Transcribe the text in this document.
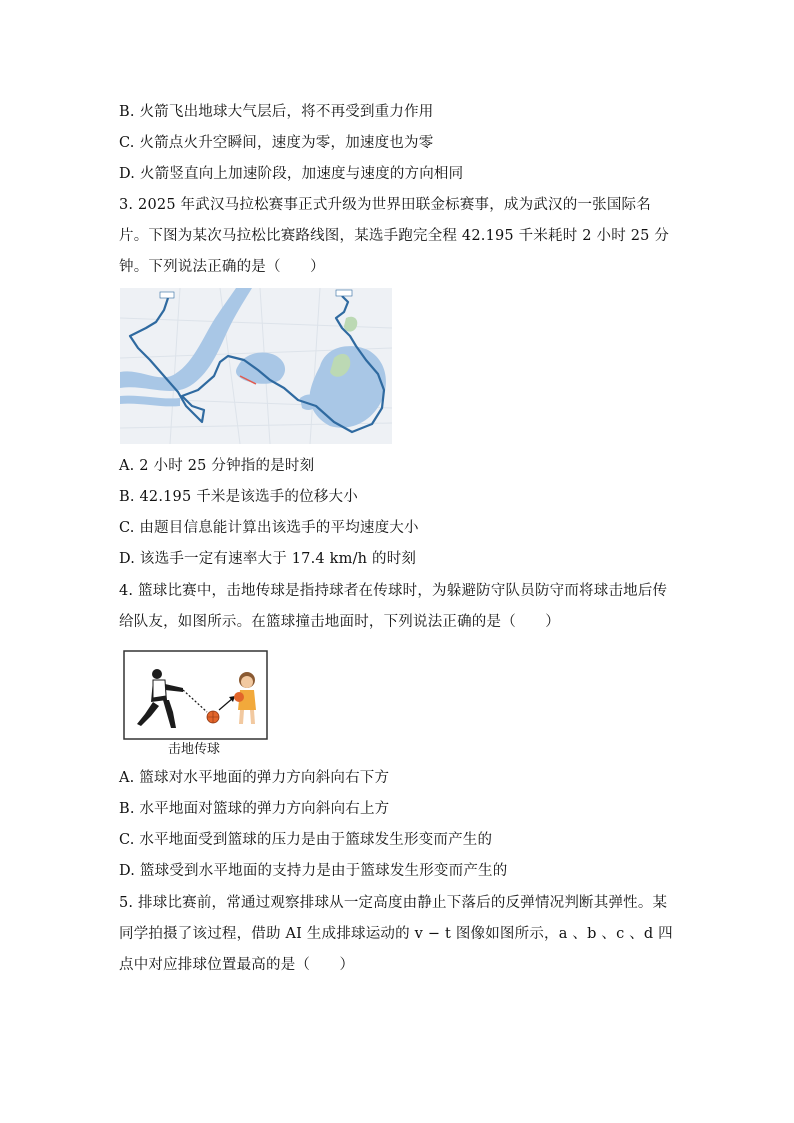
B. 火箭飞出地球大气层后，将不再受到重力作用
C. 火箭点火升空瞬间，速度为零，加速度也为零
D. 火箭竖直向上加速阶段，加速度与速度的方向相同
3. 2025 年武汉马拉松赛事正式升级为世界田联金标赛事，成为武汉的一张国际名片。下图为某次马拉松比赛路线图，某选手跑完全程 42.195 千米耗时 2 小时 25 分钟。下列说法正确的是（　　）
A. 2 小时 25 分钟指的是时刻
B. 42.195 千米是该选手的位移大小
C. 由题目信息能计算出该选手的平均速度大小
D. 该选手一定有速率大于 17.4 km/h 的时刻
4. 篮球比赛中，击地传球是指持球者在传球时，为躲避防守队员防守而将球击地后传给队友，如图所示。在篮球撞击地面时，下列说法正确的是（　　）
击地传球
A. 篮球对水平地面的弹力方向斜向右下方
B. 水平地面对篮球的弹力方向斜向右上方
C. 水平地面受到篮球的压力是由于篮球发生形变而产生的
D. 篮球受到水平地面的支持力是由于篮球发生形变而产生的
5. 排球比赛前，常通过观察排球从一定高度由静止下落后的反弹情况判断其弹性。某同学拍摄了该过程，借助 AI 生成排球运动的 v − t 图像如图所示，a 、b 、c 、d 四点中对应排球位置最高的是（　　）
